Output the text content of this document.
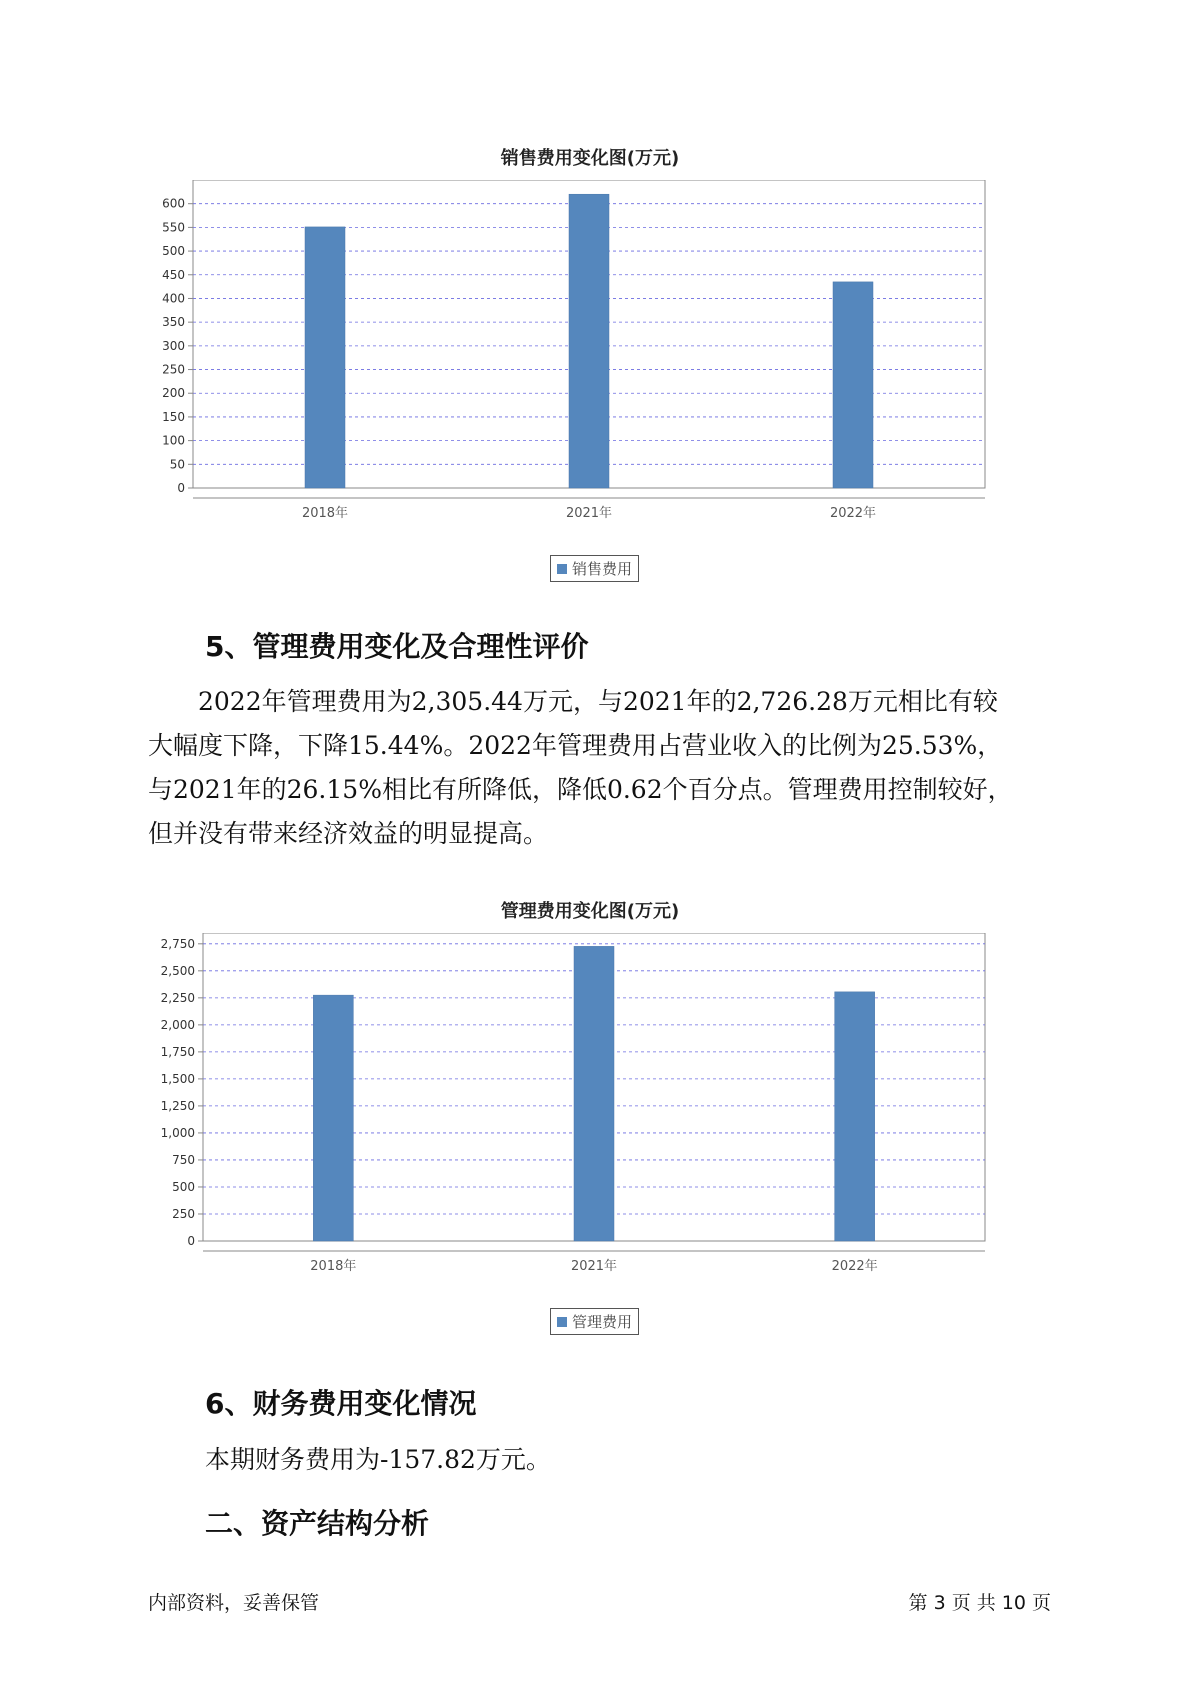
销售费用变化图(万元)
0
50
100
150
200
250
300
350
400
450
500
550
600
2018年	2021年	2022年
销售费用
5、管理费用变化及合理性评价

　　2022年管理费用为2,305.44万元，与2021年的2,726.28万元相比有较

大幅度下降，下降15.44%。2022年管理费用占营业收入的比例为25.53%，

与2021年的26.15%相比有所降低，降低0.62个百分点。管理费用控制较好，

但并没有带来经济效益的明显提高。

管理费用变化图(万元)
0
250
500
750
1,000
1,250
1,500
1,750
2,000
2,250
2,500
2,750
2018年	2021年	2022年
管理费用
6、财务费用变化情况

本期财务费用为-157.82万元。

二、资产结构分析
内部资料，妥善保管	第 3 页 共 10 页
